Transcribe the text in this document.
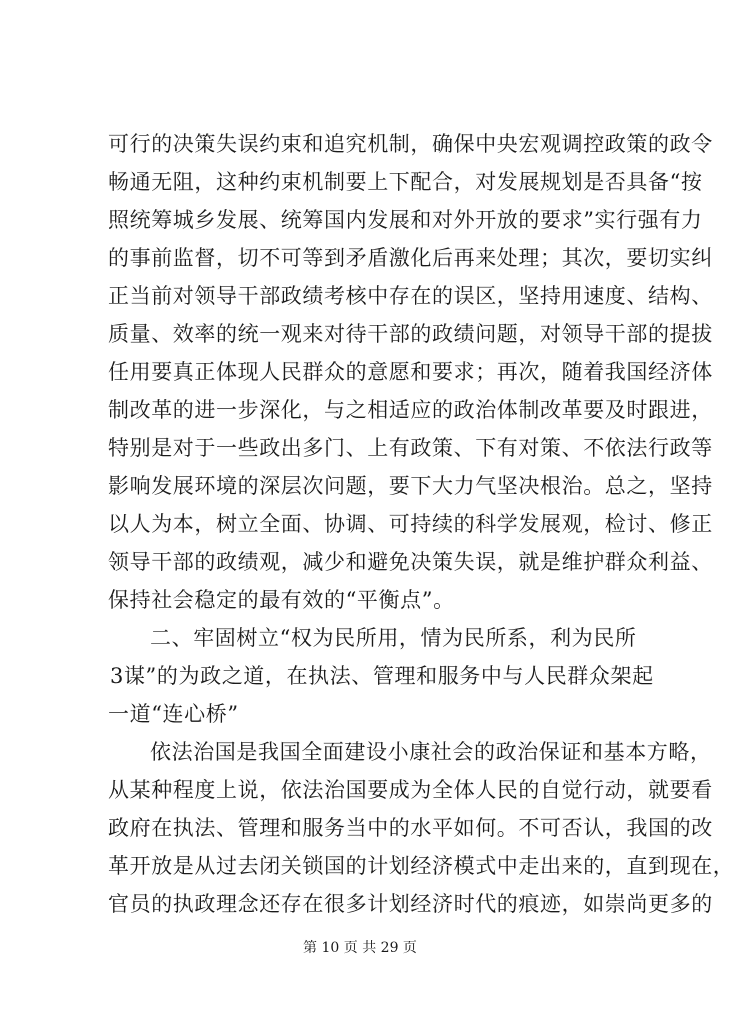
可行的决策失误约束和追究机制，确保中央宏观调控政策的政令
畅通无阻，这种约束机制要上下配合，对发展规划是否具备“按
照统筹城乡发展、统筹国内发展和对外开放的要求”实行强有力
的事前监督，切不可等到矛盾激化后再来处理；其次，要切实纠
正当前对领导干部政绩考核中存在的误区，坚持用速度、结构、
质量、效率的统一观来对待干部的政绩问题，对领导干部的提拔
任用要真正体现人民群众的意愿和要求；再次，随着我国经济体
制改革的进一步深化，与之相适应的政治体制改革要及时跟进，
特别是对于一些政出多门、上有政策、下有对策、不依法行政等
影响发展环境的深层次问题，要下大力气坚决根治。总之，坚持
以人为本，树立全面、协调、可持续的科学发展观，检讨、修正
领导干部的政绩观，减少和避免决策失误，就是维护群众利益、
保持社会稳定的最有效的“平衡点”。
二、牢固树立“权为民所用，情为民所系，利为民所
3谋”的为政之道，在执法、管理和服务中与人民群众架起
一道“连心桥”
依法治国是我国全面建设小康社会的政治保证和基本方略，
从某种程度上说，依法治国要成为全体人民的自觉行动，就要看
政府在执法、管理和服务当中的水平如何。不可否认，我国的改
革开放是从过去闭关锁国的计划经济模式中走出来的，直到现在，
官员的执政理念还存在很多计划经济时代的痕迹，如崇尚更多的
第 10 页 共 29 页
